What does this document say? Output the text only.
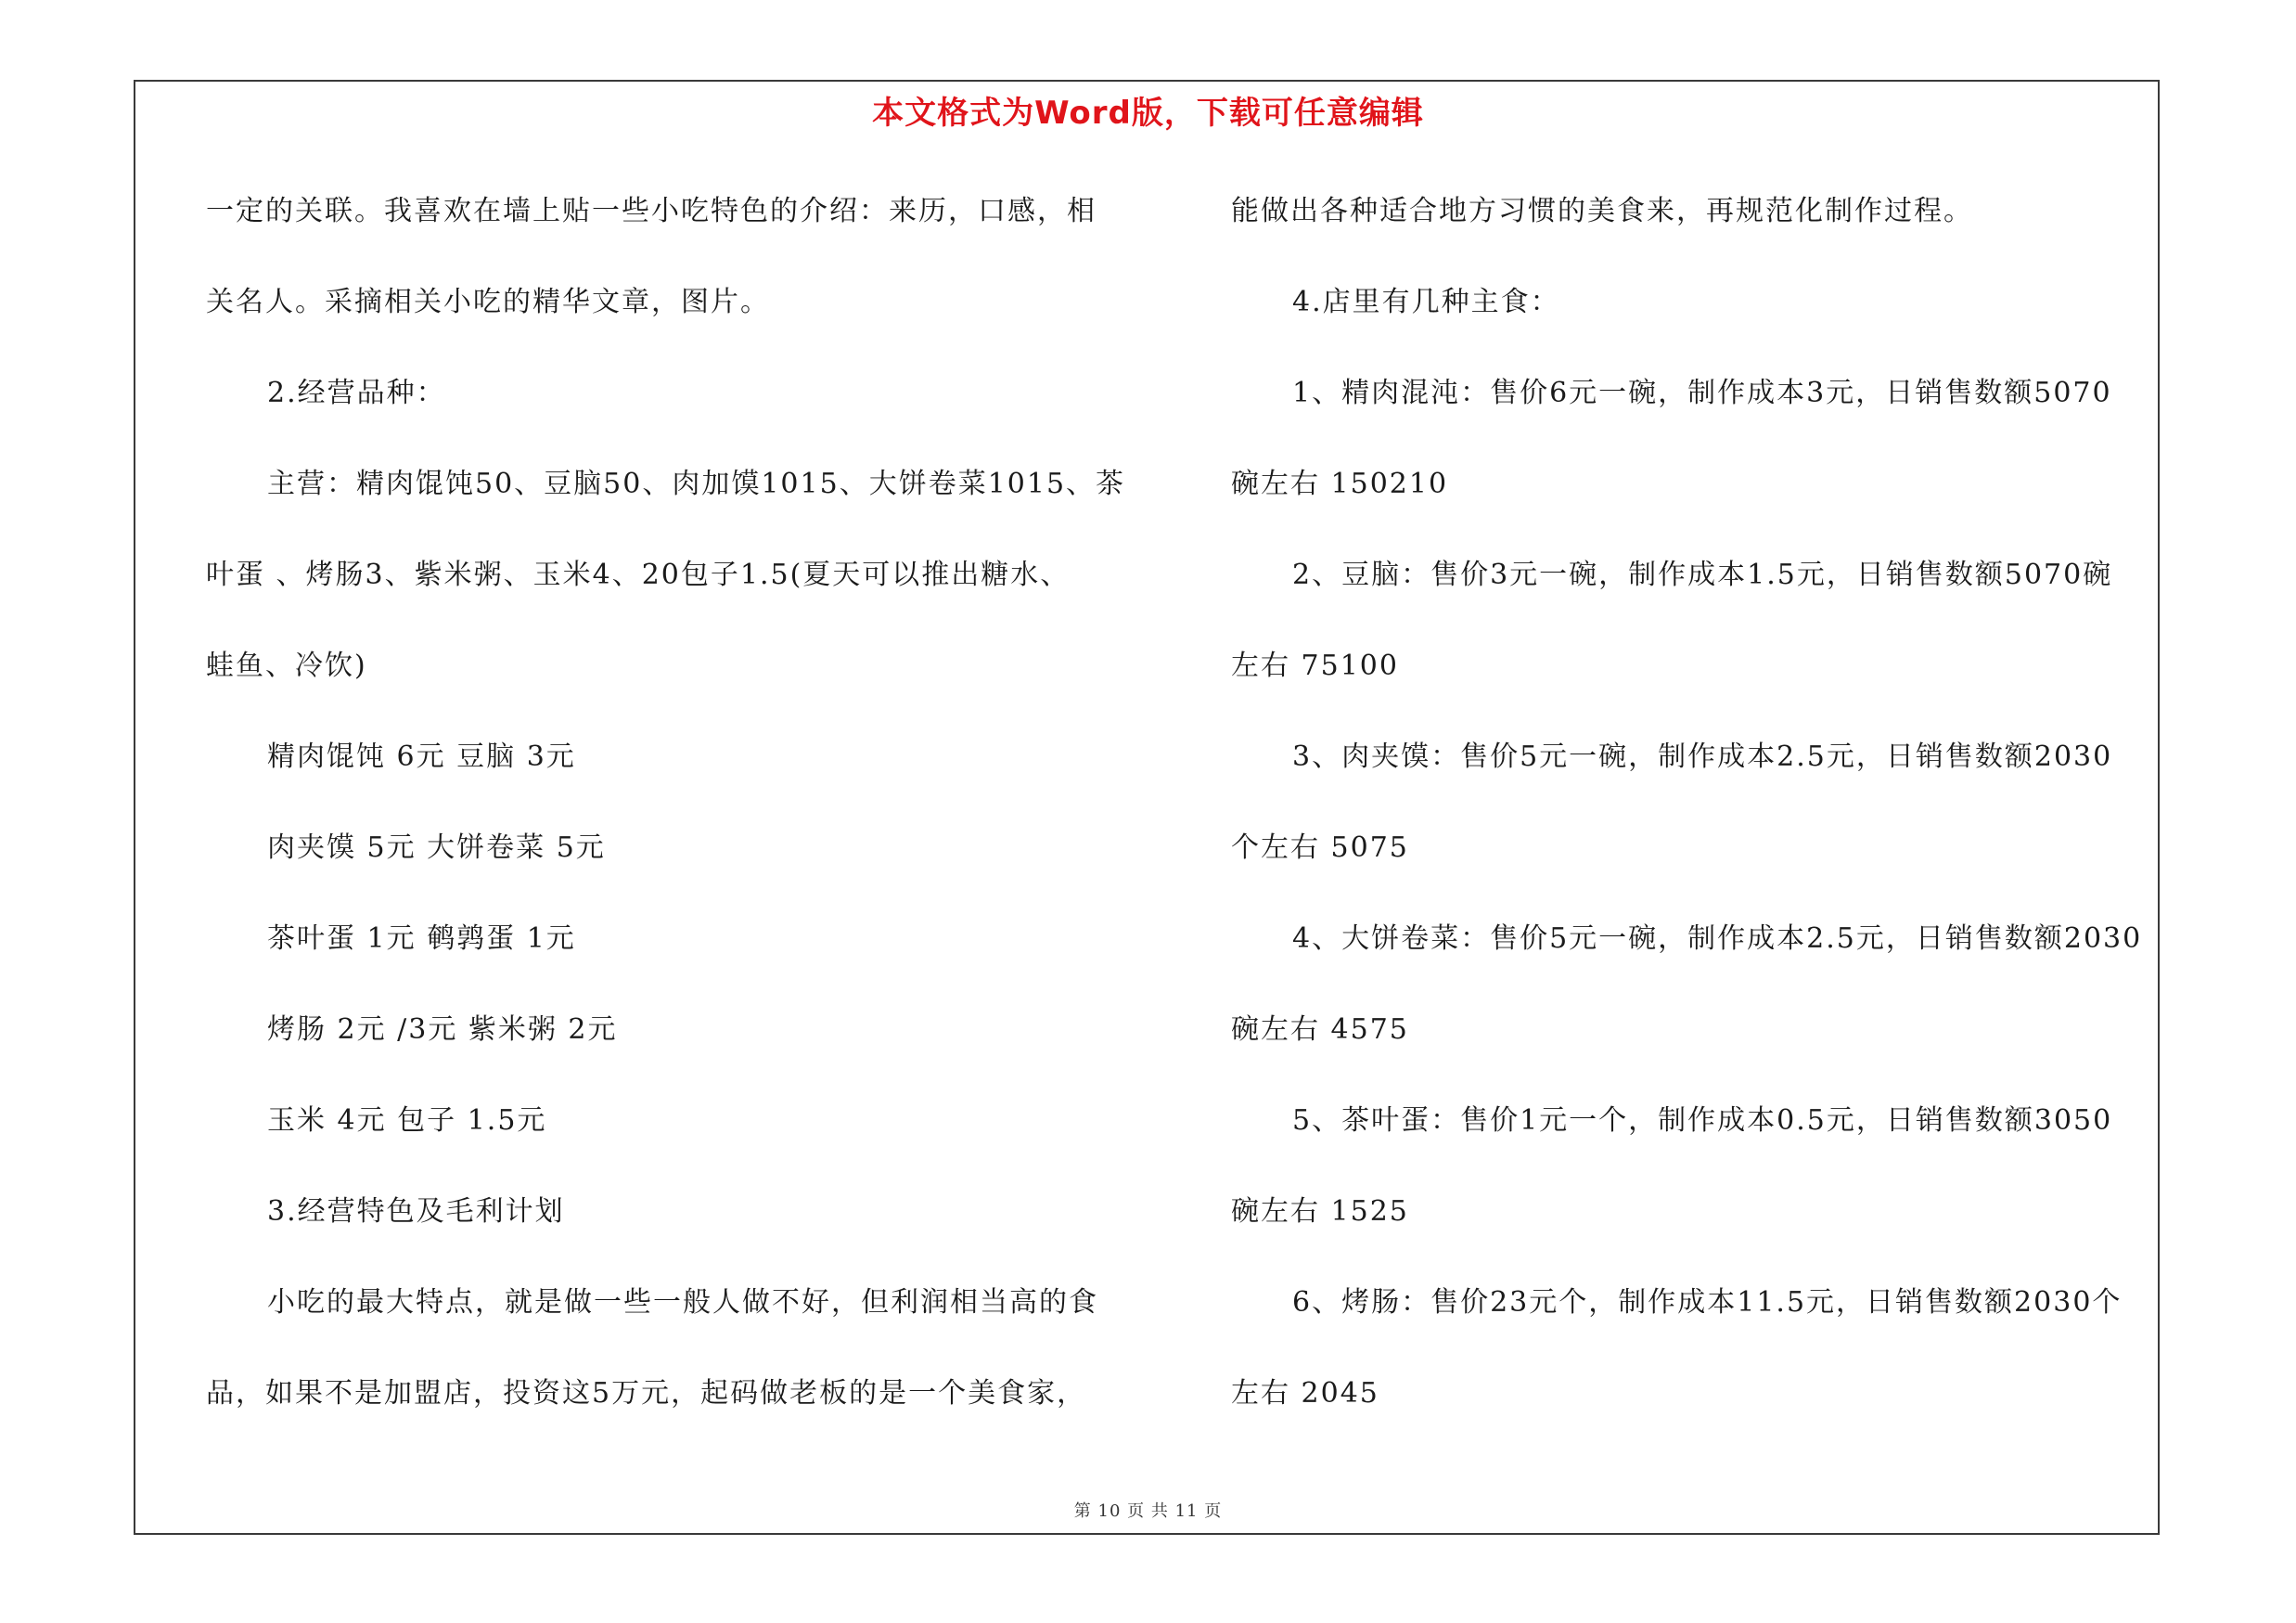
本文格式为Word版，下载可任意编辑
一定的关联。我喜欢在墙上贴一些小吃特色的介绍：来历，口感，相
关名人。采摘相关小吃的精华文章，图片。
2.经营品种：
主营：精肉馄饨50、豆脑50、肉加馍1015、大饼卷菜1015、茶
叶蛋 、烤肠3、紫米粥、玉米4、20包子1.5(夏天可以推出糖水、
蛙鱼、冷饮)
精肉馄饨 6元 豆脑 3元
肉夹馍 5元 大饼卷菜 5元
茶叶蛋 1元 鹌鹑蛋 1元
烤肠 2元 /3元 紫米粥 2元
玉米 4元 包子 1.5元
3.经营特色及毛利计划
小吃的最大特点，就是做一些一般人做不好，但利润相当高的食
品，如果不是加盟店，投资这5万元，起码做老板的是一个美食家，
能做出各种适合地方习惯的美食来，再规范化制作过程。
4.店里有几种主食：
1、精肉混沌：售价6元一碗，制作成本3元，日销售数额5070
碗左右 150210
2、豆脑：售价3元一碗，制作成本1.5元，日销售数额5070碗
左右 75100
3、肉夹馍：售价5元一碗，制作成本2.5元，日销售数额2030
个左右 5075
4、大饼卷菜：售价5元一碗，制作成本2.5元，日销售数额2030
碗左右 4575
5、茶叶蛋：售价1元一个，制作成本0.5元，日销售数额3050
碗左右 1525
6、烤肠：售价23元个，制作成本11.5元，日销售数额2030个
左右 2045
第 10 页 共 11 页
